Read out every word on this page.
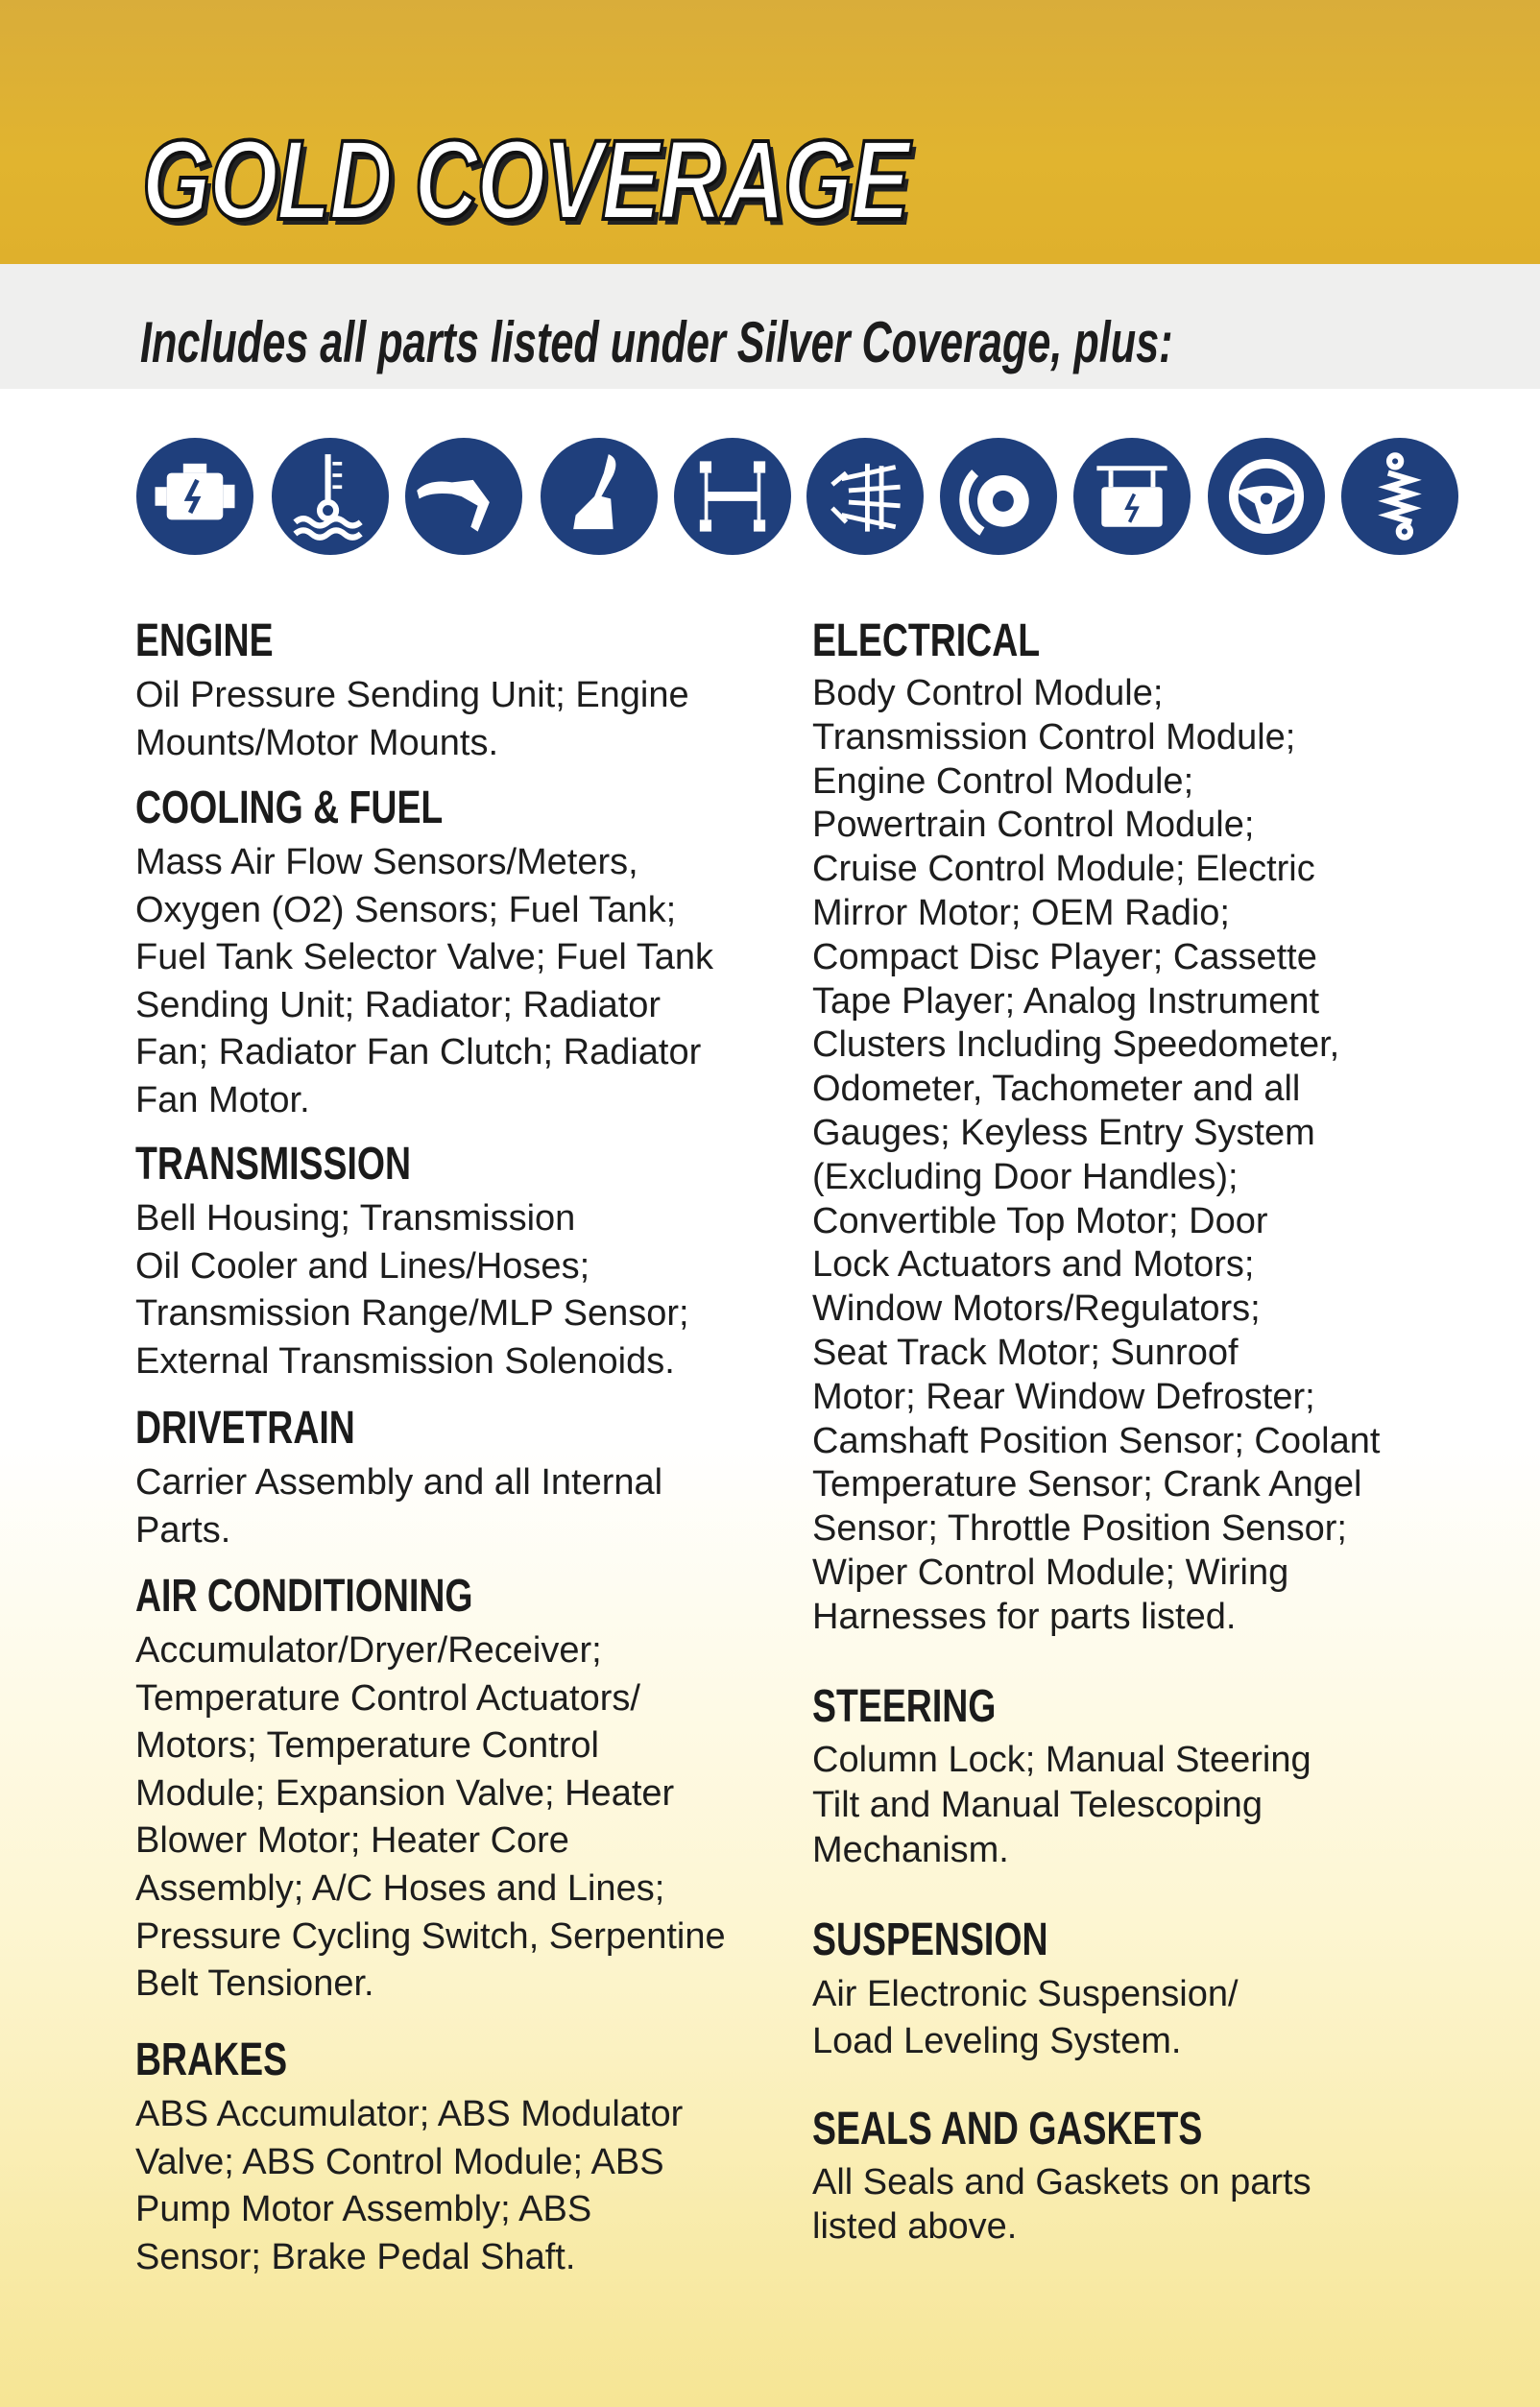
GOLD COVERAGE
Includes all parts listed under Silver Coverage, plus:
ENGINE

Oil Pressure Sending Unit; Engine
Mounts/Motor Mounts.

COOLING & FUEL

Mass Air Flow Sensors/Meters,
Oxygen (O2) Sensors; Fuel Tank;
Fuel Tank Selector Valve; Fuel Tank
Sending Unit; Radiator; Radiator
Fan; Radiator Fan Clutch; Radiator
Fan Motor.

TRANSMISSION

Bell Housing; Transmission
Oil Cooler and Lines/Hoses;
Transmission Range/MLP Sensor;
External Transmission Solenoids.

DRIVETRAIN

Carrier Assembly and all Internal
Parts.

AIR CONDITIONING

Accumulator/Dryer/Receiver;
Temperature Control Actuators/
Motors; Temperature Control
Module; Expansion Valve; Heater
Blower Motor; Heater Core
Assembly; A/C Hoses and Lines;
Pressure Cycling Switch, Serpentine
Belt Tensioner.

BRAKES

ABS Accumulator; ABS Modulator
Valve; ABS Control Module; ABS
Pump Motor Assembly; ABS
Sensor; Brake Pedal Shaft.

ELECTRICAL

Body Control Module;
Transmission Control Module;
Engine Control Module;
Powertrain Control Module;
Cruise Control Module; Electric
Mirror Motor; OEM Radio;
Compact Disc Player; Cassette
Tape Player; Analog Instrument
Clusters Including Speedometer,
Odometer, Tachometer and all
Gauges; Keyless Entry System
(Excluding Door Handles);
Convertible Top Motor; Door
Lock Actuators and Motors;
Window Motors/Regulators;
Seat Track Motor; Sunroof
Motor; Rear Window Defroster;
Camshaft Position Sensor; Coolant
Temperature Sensor; Crank Angel
Sensor; Throttle Position Sensor;
Wiper Control Module; Wiring
Harnesses for parts listed.

STEERING

Column Lock; Manual Steering
Tilt and Manual Telescoping
Mechanism.

SUSPENSION

Air Electronic Suspension/
Load Leveling System.

SEALS AND GASKETS

All Seals and Gaskets on parts
listed above.
